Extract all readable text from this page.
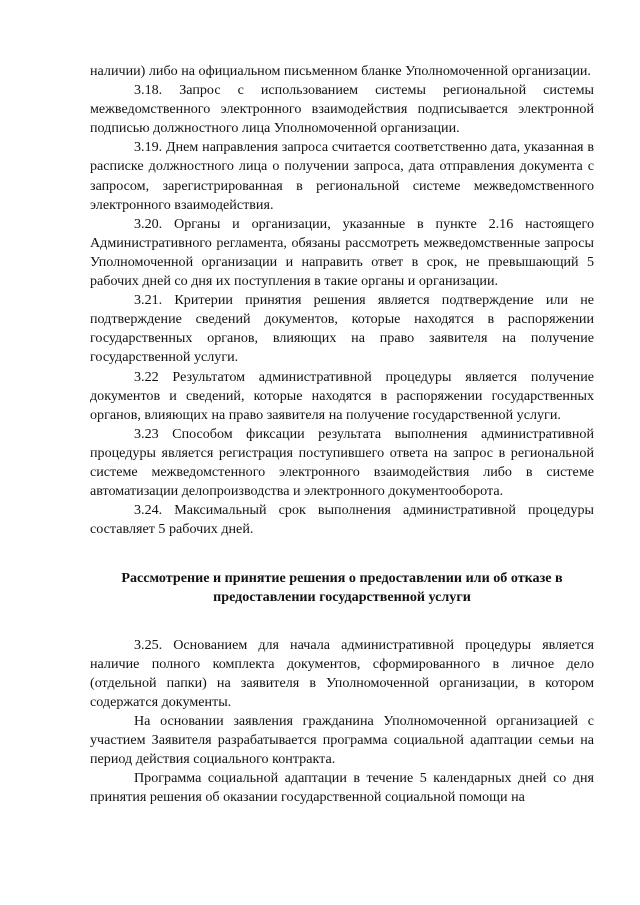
наличии) либо на официальном письменном бланке Уполномоченной организации.

3.18. Запрос с использованием системы региональной системы межведомственного электронного взаимодействия подписывается электронной подписью должностного лица Уполномоченной организации.

3.19. Днем направления запроса считается соответственно дата, указанная в расписке должностного лица о получении запроса, дата отправления документа с запросом, зарегистрированная в региональной системе межведомственного электронного взаимодействия.

3.20. Органы и организации, указанные в пункте 2.16 настоящего Административного регламента, обязаны рассмотреть межведомственные запросы Уполномоченной организации и направить ответ в срок, не превышающий 5 рабочих дней со дня их поступления в такие органы и организации.

3.21. Критерии принятия решения является подтверждение или не подтверждение сведений документов, которые находятся в распоряжении государственных органов, влияющих на право заявителя на получение государственной услуги.

3.22 Результатом административной процедуры является получение документов и сведений, которые находятся в распоряжении государственных органов, влияющих на право заявителя на получение государственной услуги.

3.23 Способом фиксации результата выполнения административной процедуры является регистрация поступившего ответа на запрос в региональной системе межведомстенного электронного взаимодействия либо в системе автоматизации делопроизводства и электронного документооборота.

3.24. Максимальный срок выполнения административной процедуры составляет 5 рабочих дней.

Рассмотрение и принятие решения о предоставлении или об отказе в предоставлении государственной услуги

3.25. Основанием для начала административной процедуры является наличие полного комплекта документов, сформированного в личное дело (отдельной папки) на заявителя в Уполномоченной организации, в котором содержатся документы.

На основании заявления гражданина Уполномоченной организацией с участием Заявителя разрабатывается программа социальной адаптации семьи на период действия социального контракта.

Программа социальной адаптации в течение 5 календарных дней со дня принятия решения об оказании государственной социальной помощи на
